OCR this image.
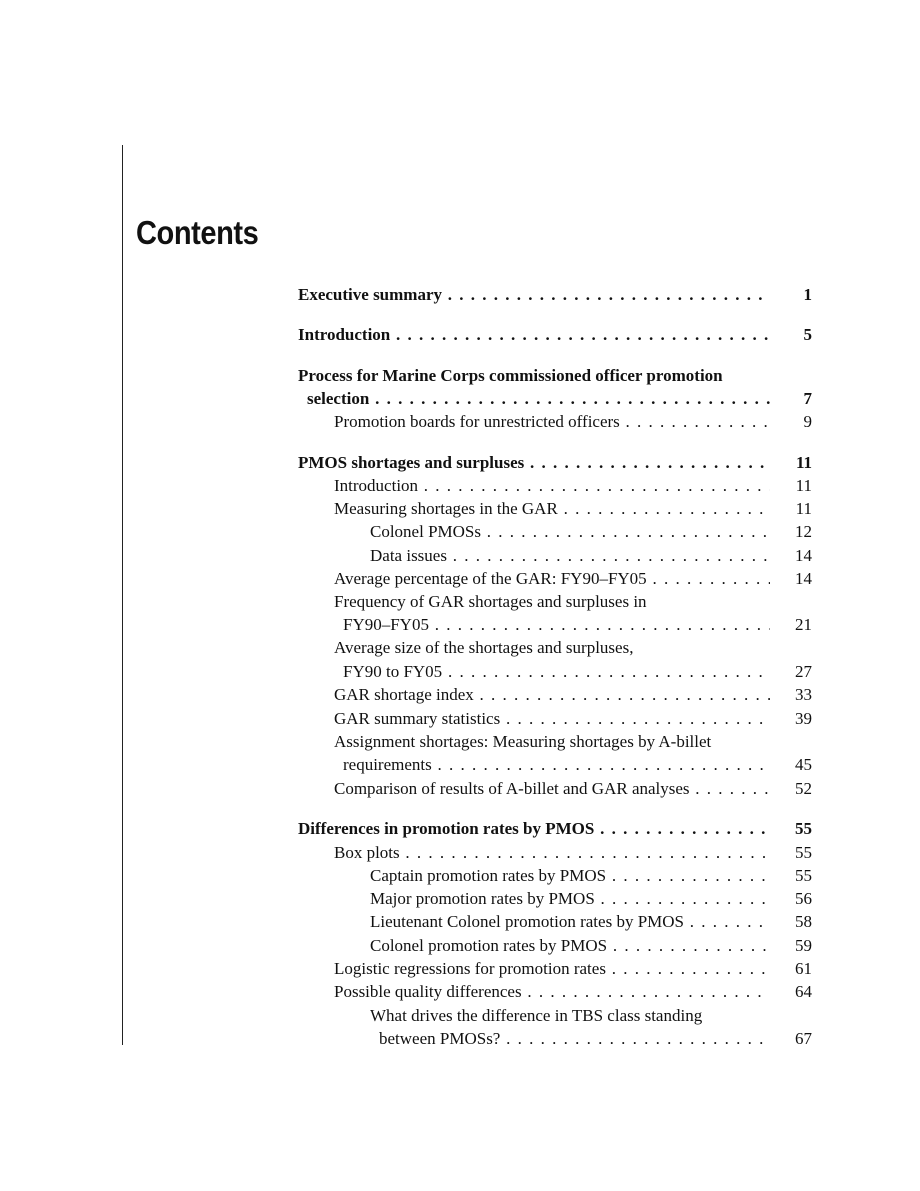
Contents
Executive summary . . .	1
Introduction . . .	5
Process for Marine Corps commissioned officer promotion
selection . . .	7
Promotion boards for unrestricted officers . . .	9
PMOS shortages and surpluses . . .	11
Introduction . . .	11
Measuring shortages in the GAR . . .	11
Colonel PMOSs . . .	12
Data issues . . .	14
Average percentage of the GAR: FY90–FY05 . . .	14
Frequency of GAR shortages and surpluses in
FY90–FY05 . . .	21
Average size of the shortages and surpluses,
FY90 to FY05 . . .	27
GAR shortage index . . .	33
GAR summary statistics . . .	39
Assignment shortages: Measuring shortages by A-billet
requirements . . .	45
Comparison of results of A-billet and GAR analyses . . .	52
Differences in promotion rates by PMOS . . .	55
Box plots . . .	55
Captain promotion rates by PMOS . . .	55
Major promotion rates by PMOS . . .	56
Lieutenant Colonel promotion rates by PMOS . . .	58
Colonel promotion rates by PMOS . . .	59
Logistic regressions for promotion rates . . .	61
Possible quality differences . . .	64
What drives the difference in TBS class standing
between PMOSs? . . .	67
